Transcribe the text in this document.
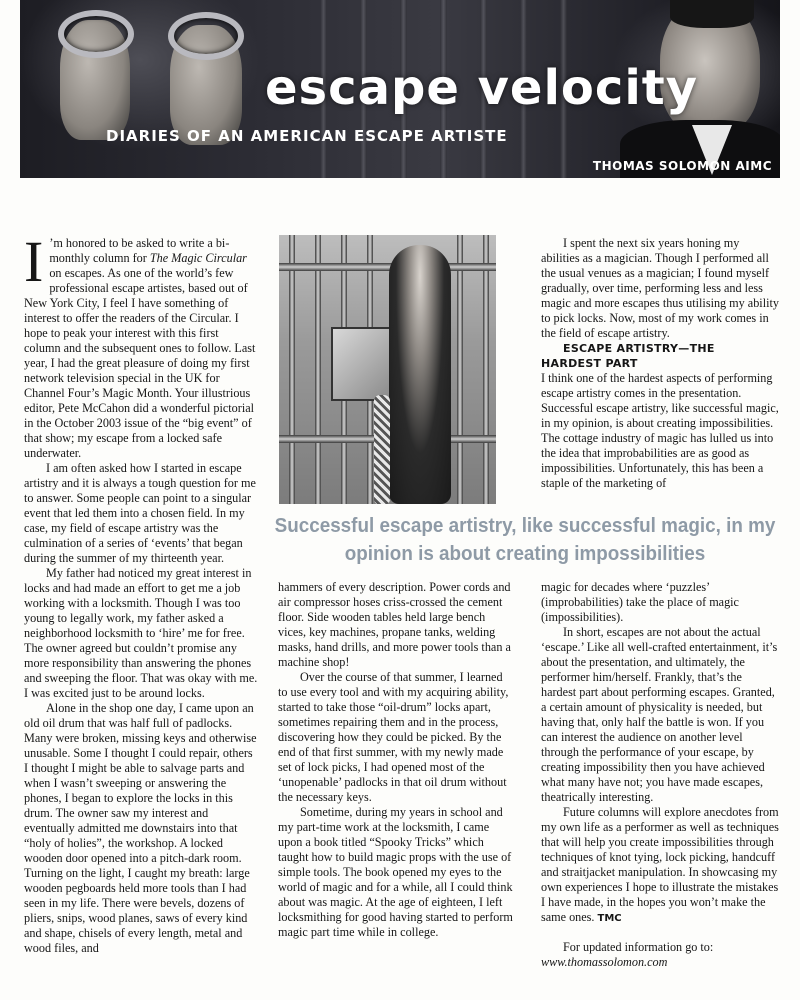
escape velocity

DIARIES OF AN AMERICAN ESCAPE ARTISTE

THOMAS SOLOMON AIMC

I ’m honored to be asked to write a bi-monthly column for The Magic Circular on escapes. As one of the world’s few professional escape artistes, based out of New York City, I feel I have something of interest to offer the readers of the Circular. I hope to peak your interest with this first column and the subsequent ones to follow. Last year, I had the great pleasure of doing my first network television special in the UK for Channel Four’s Magic Month. Your illustrious editor, Pete McCahon did a wonderful pictorial in the October 2003 issue of the “big event” of that show; my escape from a locked safe underwater.

I am often asked how I started in escape artistry and it is always a tough question for me to answer. Some people can point to a singular event that led them into a chosen field. In my case, my field of escape artistry was the culmination of a series of ‘events’ that began during the summer of my thirteenth year.

My father had noticed my great interest in locks and had made an effort to get me a job working with a locksmith. Though I was too young to legally work, my father asked a neighborhood locksmith to ‘hire’ me for free. The owner agreed but couldn’t promise any more responsibility than answering the phones and sweeping the floor. That was okay with me. I was excited just to be around locks.

Alone in the shop one day, I came upon an old oil drum that was half full of padlocks. Many were broken, missing keys and otherwise unusable. Some I thought I could repair, others I thought I might be able to salvage parts and when I wasn’t sweeping or answering the phones, I began to explore the locks in this drum. The owner saw my interest and eventually admitted me downstairs into that “holy of holies”, the workshop. A locked wooden door opened into a pitch-dark room. Turning on the light, I caught my breath: large wooden pegboards held more tools than I had seen in my life. There were bevels, dozens of pliers, snips, wood planes, saws of every kind and shape, chisels of every length, metal and wood files, and

I spent the next six years honing my abilities as a magician. Though I performed all the usual venues as a magician; I found myself gradually, over time, performing less and less magic and more escapes thus utilising my ability to pick locks. Now, most of my work comes in the field of escape artistry.

ESCAPE ARTISTRY—THE HARDEST PART

I think one of the hardest aspects of performing escape artistry comes in the presentation. Successful escape artistry, like successful magic, in my opinion, is about creating impossibilities. The cottage industry of magic has lulled us into the idea that improbabilities are as good as impossibilities. Unfortunately, this has been a staple of the marketing of

Successful escape artistry, like successful magic, in my opinion is about creating impossibilities

hammers of every description. Power cords and air compressor hoses criss-crossed the cement floor. Side wooden tables held large bench vices, key machines, propane tanks, welding masks, hand drills, and more power tools than a machine shop!

Over the course of that summer, I learned to use every tool and with my acquiring ability, started to take those “oil-drum” locks apart, sometimes repairing them and in the process, discovering how they could be picked. By the end of that first summer, with my newly made set of lock picks, I had opened most of the ‘unopenable’ padlocks in that oil drum without the necessary keys.

Sometime, during my years in school and my part-time work at the locksmith, I came upon a book titled “Spooky Tricks” which taught how to build magic props with the use of simple tools. The book opened my eyes to the world of magic and for a while, all I could think about was magic. At the age of eighteen, I left locksmithing for good having started to perform magic part time while in college.

magic for decades where ‘puzzles’ (improbabilities) take the place of magic (impossibilities).

In short, escapes are not about the actual ‘escape.’ Like all well-crafted entertainment, it’s about the presentation, and ultimately, the performer him/herself. Frankly, that’s the hardest part about performing escapes. Granted, a certain amount of physicality is needed, but having that, only half the battle is won. If you can interest the audience on another level through the performance of your escape, by creating impossibility then you have achieved what many have not; you have made escapes, theatrically interesting.

Future columns will explore anecdotes from my own life as a performer as well as techniques that will help you create impossibilities through techniques of knot tying, lock picking, handcuff and straitjacket manipulation. In showcasing my own experiences I hope to illustrate the mistakes I have made, in the hopes you won’t make the same ones. TMC

For updated information go to:

www.thomassolomon.com
